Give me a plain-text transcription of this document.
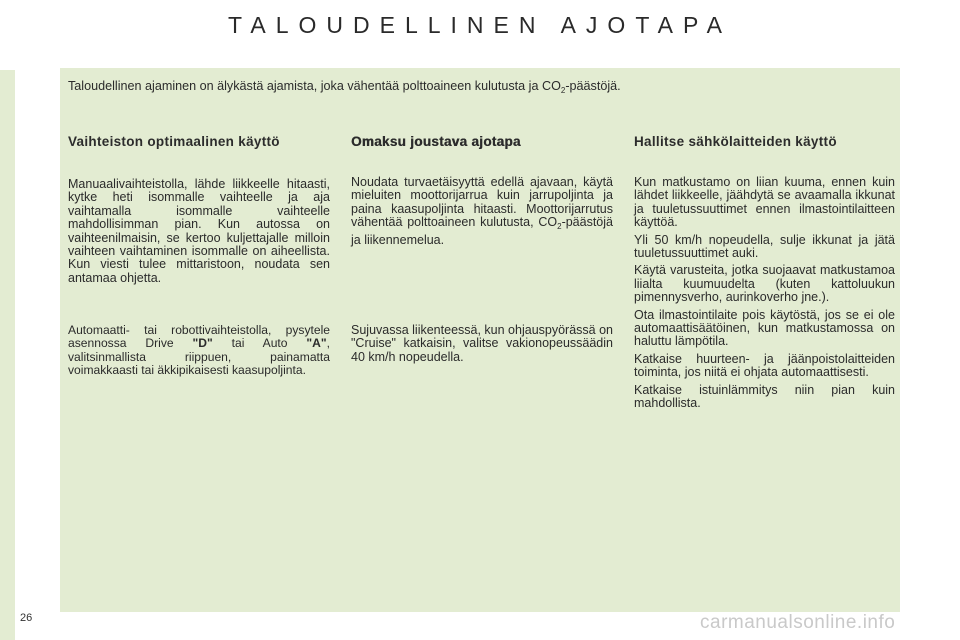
TALOUDELLINEN AJOTAPA
Taloudellinen ajaminen on älykästä ajamista, joka vähentää polttoaineen kulutusta ja $CO_2$-päästöjä.
Vaihteiston optimaalinen käyttö

Manuaalivaihteistolla, lähde liikkeelle hitaasti, kytke heti isommalle vaihteelle ja aja vaihtamalla isommalle vaihteelle mahdollisimman pian. Kun autossa on vaihteenilmaisin, se kertoo kuljettajalle milloin vaihteen vaihtaminen isommalle on aiheellista. Kun viesti tulee mittaristoon, noudata sen antamaa ohjetta.

Automaatti- tai robottivaihteistolla, pysytele asennossa Drive "D" tai Auto "A", valitsinmallista riippuen, painamatta voimakkaasti tai äkkipikaisesti kaasupoljinta.

Omaksu joustava ajotapa

Noudata turvaetäisyyttä edellä ajavaan, käytä mieluiten moottorijarrua kuin jarrupoljinta ja paina kaasupoljinta hitaasti. Moottorijarrutus vähentää polttoaineen kulutusta, $CO_2$-päästöjä ja liikennemelua.

Sujuvassa liikenteessä, kun ohjauspyörässä on "Cruise" katkaisin, valitse vakionopeussäädin 40 km/h nopeudella.

Hallitse sähkölaitteiden käyttö

Kun matkustamo on liian kuuma, ennen kuin lähdet liikkeelle, jäähdytä se avaamalla ikkunat ja tuuletussuuttimet ennen ilmastointilaitteen käyttöä.

Yli 50 km/h nopeudella, sulje ikkunat ja jätä tuuletussuuttimet auki.

Käytä varusteita, jotka suojaavat matkustamoa liialta kuumuudelta (kuten kattoluukun pimennysverho, aurinkoverho jne.).

Ota ilmastointilaite pois käytöstä, jos se ei ole automaattisäätöinen, kun matkustamossa on haluttu lämpötila.

Katkaise huurteen- ja jäänpoistolaitteiden toiminta, jos niitä ei ohjata automaattisesti.

Katkaise istuinlämmitys niin pian kuin mahdollista.

26	carmanualsonline.info
